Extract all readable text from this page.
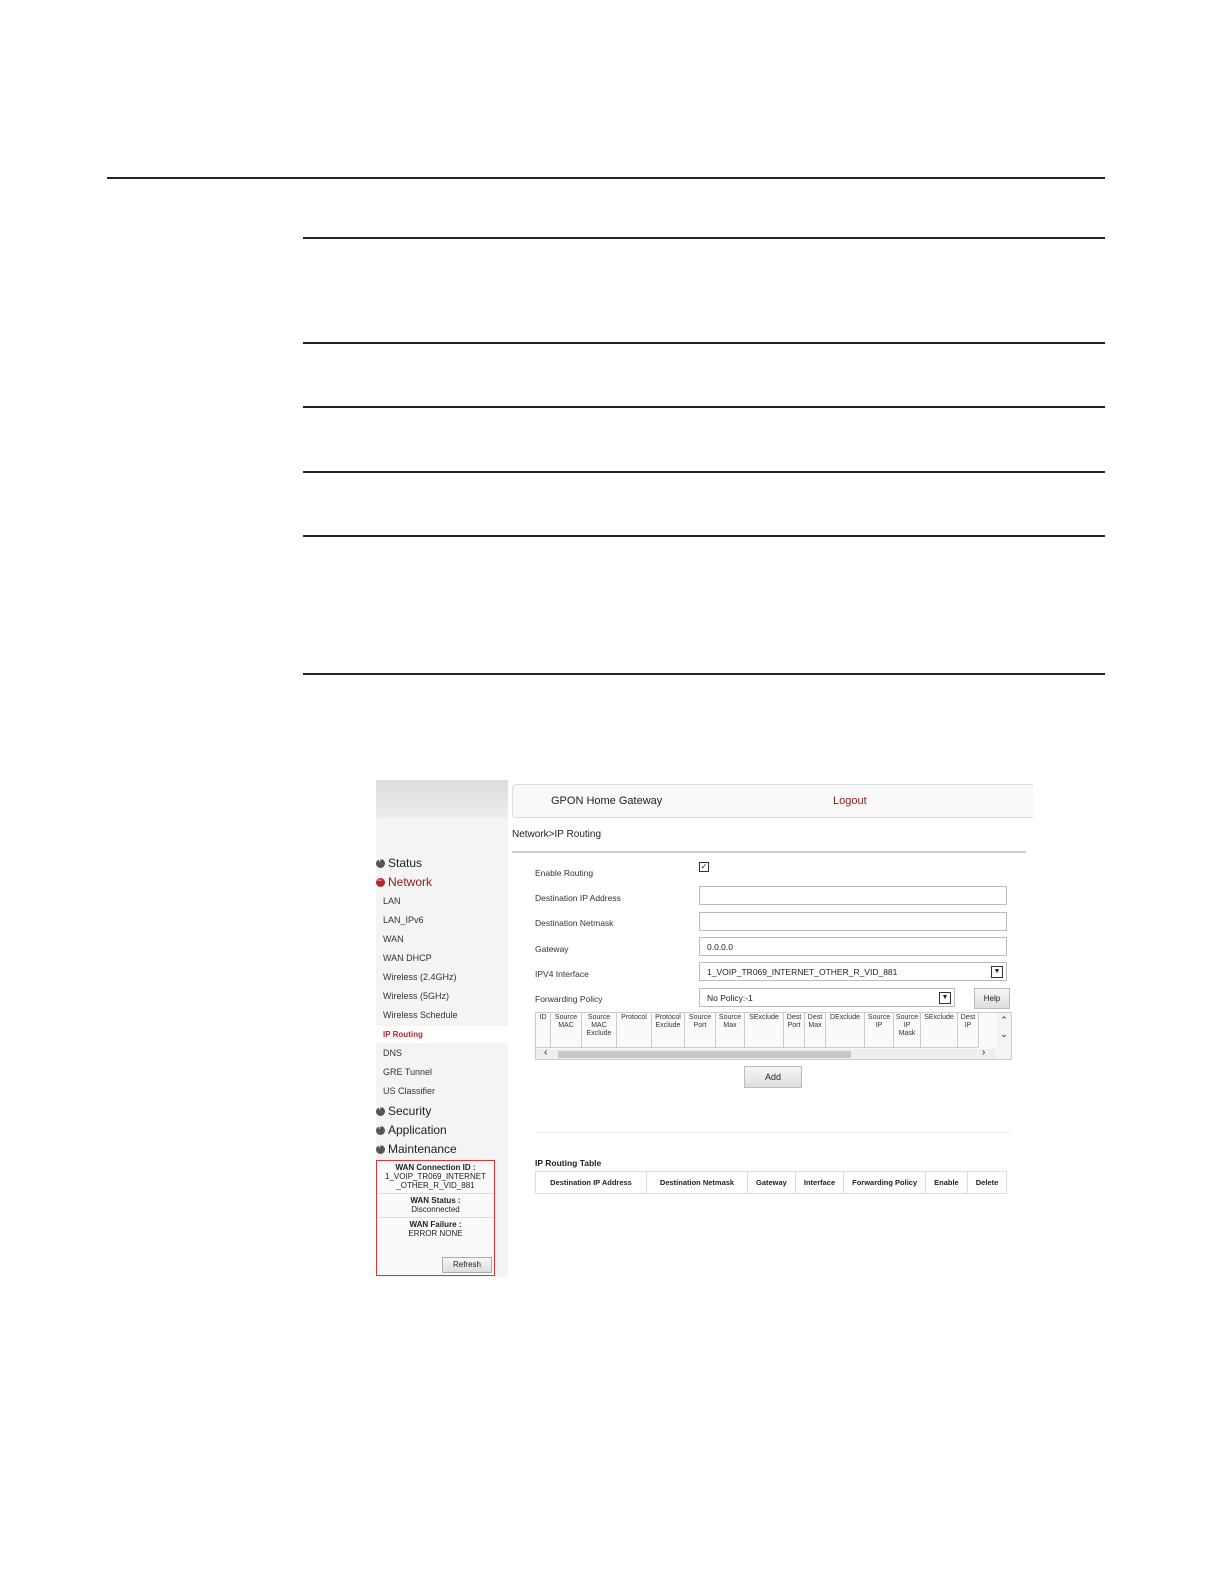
+Status
−Network
LAN
LAN_IPv6
WAN
WAN DHCP
Wireless (2.4GHz)
Wireless (5GHz)
Wireless Schedule
IP Routing
DNS
GRE Tunnel
US Classifier
+Security
+Application
+Maintenance
WAN Connection ID :
1_VOIP_TR069_INTERNET _OTHER_R_VID_881
WAN Status :
Disconnected
WAN Failure :
ERROR NONE
Refresh
GPON Home Gateway	Logout
Network>IP Routing
Enable Routing
✓
Destination IP Address
Destination Netmask
Gateway	0.0.0.0
IPV4 Interface	1_VOIP_TR069_INTERNET_OTHER_R_VID_881	▼
Forwarding Policy	No Policy:-1	▼	Help
ID	Source MAC	Source MAC Exclude	Protocol	Protocol Exclude	Source Port	Source Max	SExclude	Dest Port	Dest Max	DExclude	Source IP	Source IP Mask	SExclude	Dest IP
⌃
⌄
‹	›
Add
IP Routing Table
Destination IP Address	Destination Netmask	Gateway	Interface	Forwarding Policy	Enable	Delete
